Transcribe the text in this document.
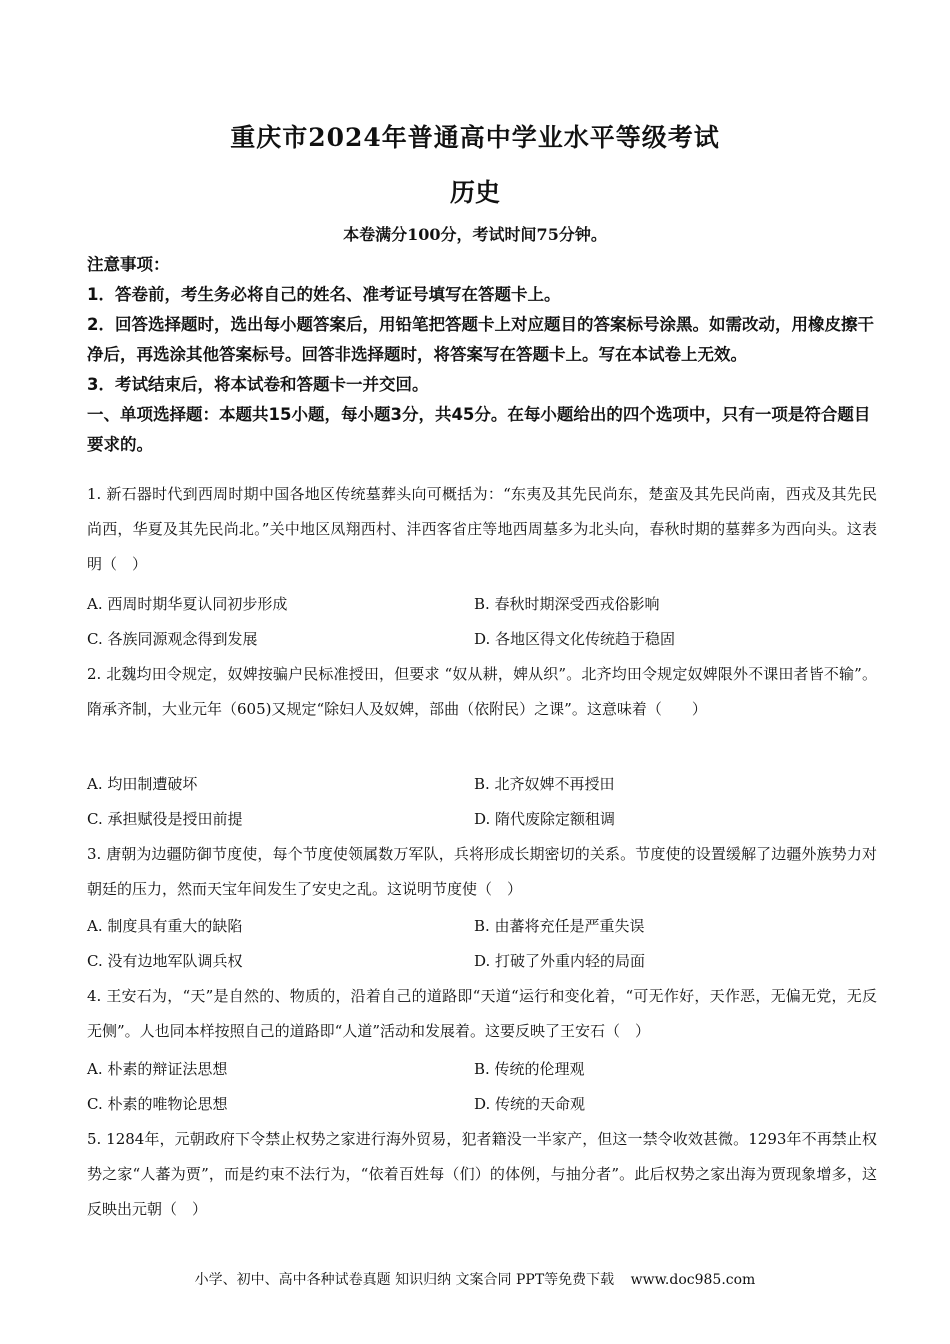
重庆市2024年普通高中学业水平等级考试
历史
本卷满分100分，考试时间75分钟。
注意事项：
1．答卷前，考生务必将自己的姓名、准考证号填写在答题卡上。
2．回答选择题时，选出每小题答案后，用铅笔把答题卡上对应题目的答案标号涂黑。如需改动，用橡皮擦干净后，再选涂其他答案标号。回答非选择题时，将答案写在答题卡上。写在本试卷上无效。
3．考试结束后，将本试卷和答题卡一并交回。
一、单项选择题：本题共15小题，每小题3分，共45分。在每小题给出的四个选项中，只有一项是符合题目要求的。
1. 新石器时代到西周时期中国各地区传统墓葬头向可概括为：“东夷及其先民尚东，楚蛮及其先民尚南，西戎及其先民尚西，华夏及其先民尚北。”关中地区凤翔西村、沣西客省庄等地西周墓多为北头向，春秋时期的墓葬多为西向头。这表明（　）
A. 西周时期华夏认同初步形成	B. 春秋时期深受西戎俗影响
C. 各族同源观念得到发展	D. 各地区得文化传统趋于稳固
2. 北魏均田令规定，奴婢按骗户民标准授田，但要求 “奴从耕，婢从织”。北齐均田令规定奴婢限外不课田者皆不输”。隋承齐制，大业元年（605)又规定“除妇人及奴婢，部曲（依附民）之课”。这意味着（　　）
A. 均田制遭破坏	B. 北齐奴婢不再授田
C. 承担赋役是授田前提	D. 隋代废除定额租调
3. 唐朝为边疆防御节度使，每个节度使领属数万军队，兵将形成长期密切的关系。节度使的设置缓解了边疆外族势力对朝廷的压力，然而天宝年间发生了安史之乱。这说明节度使（　）
A. 制度具有重大的缺陷	B. 由蕃将充任是严重失误
C. 没有边地军队调兵权	D. 打破了外重内轻的局面
4. 王安石为，“天”是自然的、物质的，沿着自己的道路即“天道“运行和变化着，“可无作好，天作恶，无偏无党，无反无侧”。人也同本样按照自己的道路即“人道”活动和发展着。这要反映了王安石（　）
A. 朴素的辩证法思想	B. 传统的伦理观
C. 朴素的唯物论思想	D. 传统的天命观
5. 1284年，元朝政府下令禁止权势之家进行海外贸易，犯者籍没一半家产，但这一禁令收效甚微。1293年不再禁止权势之家“人蕃为贾”，而是约束不法行为，“依着百姓每（们）的体例，与抽分者”。此后权势之家出海为贾现象增多，这反映出元朝（　）
小学、初中、高中各种试卷真题 知识归纳 文案合同 PPT等免费下载 www.doc985.com
